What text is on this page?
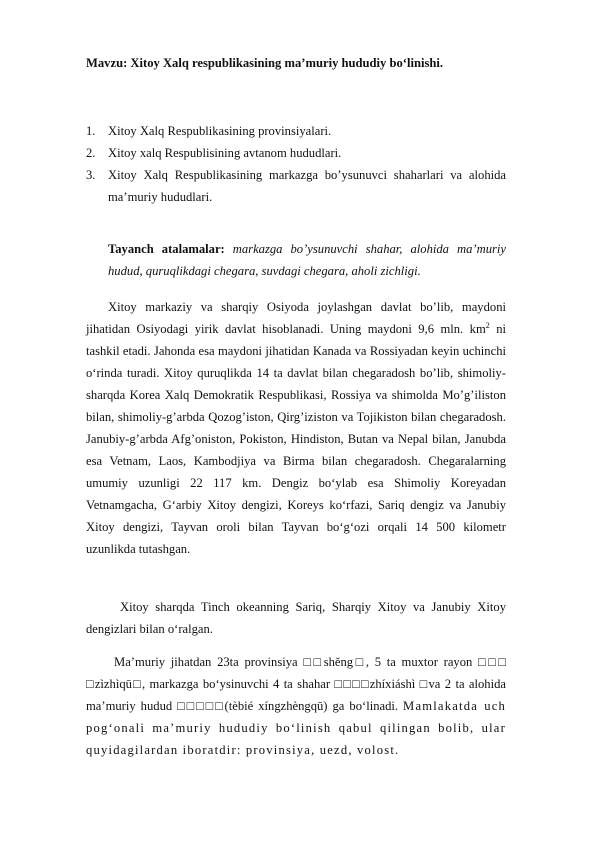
Mavzu: Xitoy Xalq respublikasining ma’muriy hududiy bo‘linishi.
1. Xitoy Xalq Respublikasining provinsiyalari.
2. Xitoy xalq Respublisining avtanom hududlari.
3. Xitoy Xalq Respublikasining markazga bo’ysunuvci shaharlari va alohida ma’muriy hududlari.
Tayanch atalamalar: markazga bo’ysunuvchi shahar, alohida ma’muriy hudud, quruqlikdagi chegara, suvdagi chegara, aholi zichligi.
Xitoy markaziy va sharqiy Osiyoda joylashgan davlat bo’lib, maydoni jihatidan Osiyodagi yirik davlat hisoblanadi. Uning maydoni 9,6 mln. $km^2$ ni tashkil etadi. Jahonda esa maydoni jihatidan Kanada va Rossiyadan keyin uchinchi o‘rinda turadi. Xitoy quruqlikda 14 ta davlat bilan chegaradosh bo’lib, shimoliy-sharqda Korea Xalq Demokratik Respublikasi, Rossiya va shimolda Mo’g’iliston bilan, shimoliy-g’arbda Qozog’iston, Qirg’iziston va Tojikiston bilan chegaradosh. Janubiy-g’arbda Afg’oniston, Pokiston, Hindiston, Butan va Nepal bilan, Janubda esa Vetnam, Laos, Kambodjiya va Birma bilan chegaradosh. Chegaralarning umumiy uzunligi 22 117 km. Dengiz bo‘ylab esa Shimoliy Koreyadan Vetnamgacha, G‘arbiy Xitoy dengizi, Koreys ko‘rfazi, Sariq dengiz va Janubiy Xitoy dengizi, Tayvan oroli bilan Tayvan bo‘g‘ozi orqali 14 500 kilometr uzunlikda tutashgan.
Xitoy sharqda Tinch okeanning Sariq, Sharqiy Xitoy va Janubiy Xitoy dengizlari bilan o‘ralgan.
Ma’muriy jihatdan 23ta provinsiya □□shěng□, 5 ta muxtor rayon □□□ □zìzhìqū□, markazga bo‘ysinuvchi 4 ta shahar □□□□zhíxiáshì □va 2 ta alohida ma’muriy hudud □□□□□(tèbié xíngzhèngqū) ga bo‘linadi. Mamlakatda uch pog‘onali ma’muriy hududiy bo‘linish qabul qilingan bolib, ular quyidagilardan iboratdir: provinsiya, uezd, volost.
